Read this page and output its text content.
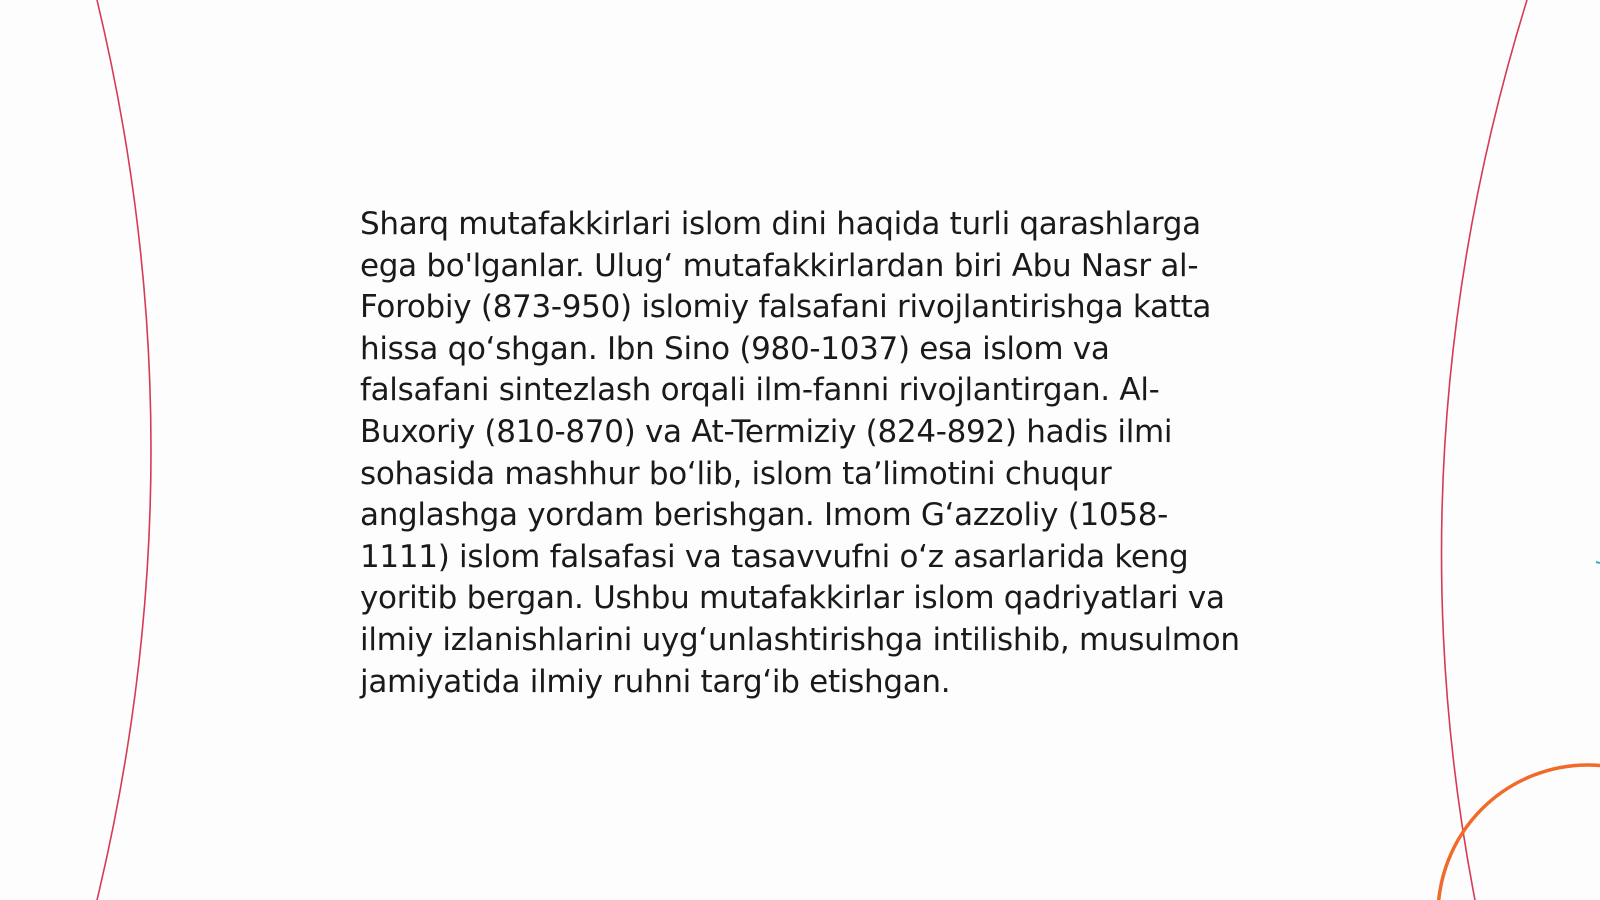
Sharq mutafakkirlari islom dini haqida turli qarashlarga ega bo'lganlar. Ulug‘ mutafakkirlardan biri Abu Nasr al-Forobiy (873-950) islomiy falsafani rivojlantirishga katta hissa qo‘shgan. Ibn Sino (980-1037) esa islom va falsafani sintezlash orqali ilm-fanni rivojlantirgan. Al-Buxoriy (810-870) va At-Termiziy (824-892) hadis ilmi sohasida mashhur bo‘lib, islom ta’limotini chuqur anglashga yordam berishgan. Imom G‘azzoliy (1058-1111) islom falsafasi va tasavvufni o‘z asarlarida keng yoritib bergan. Ushbu mutafakkirlar islom qadriyatlari va ilmiy izlanishlarini uyg‘unlashtirishga intilishib, musulmon jamiyatida ilmiy ruhni targ‘ib etishgan.
